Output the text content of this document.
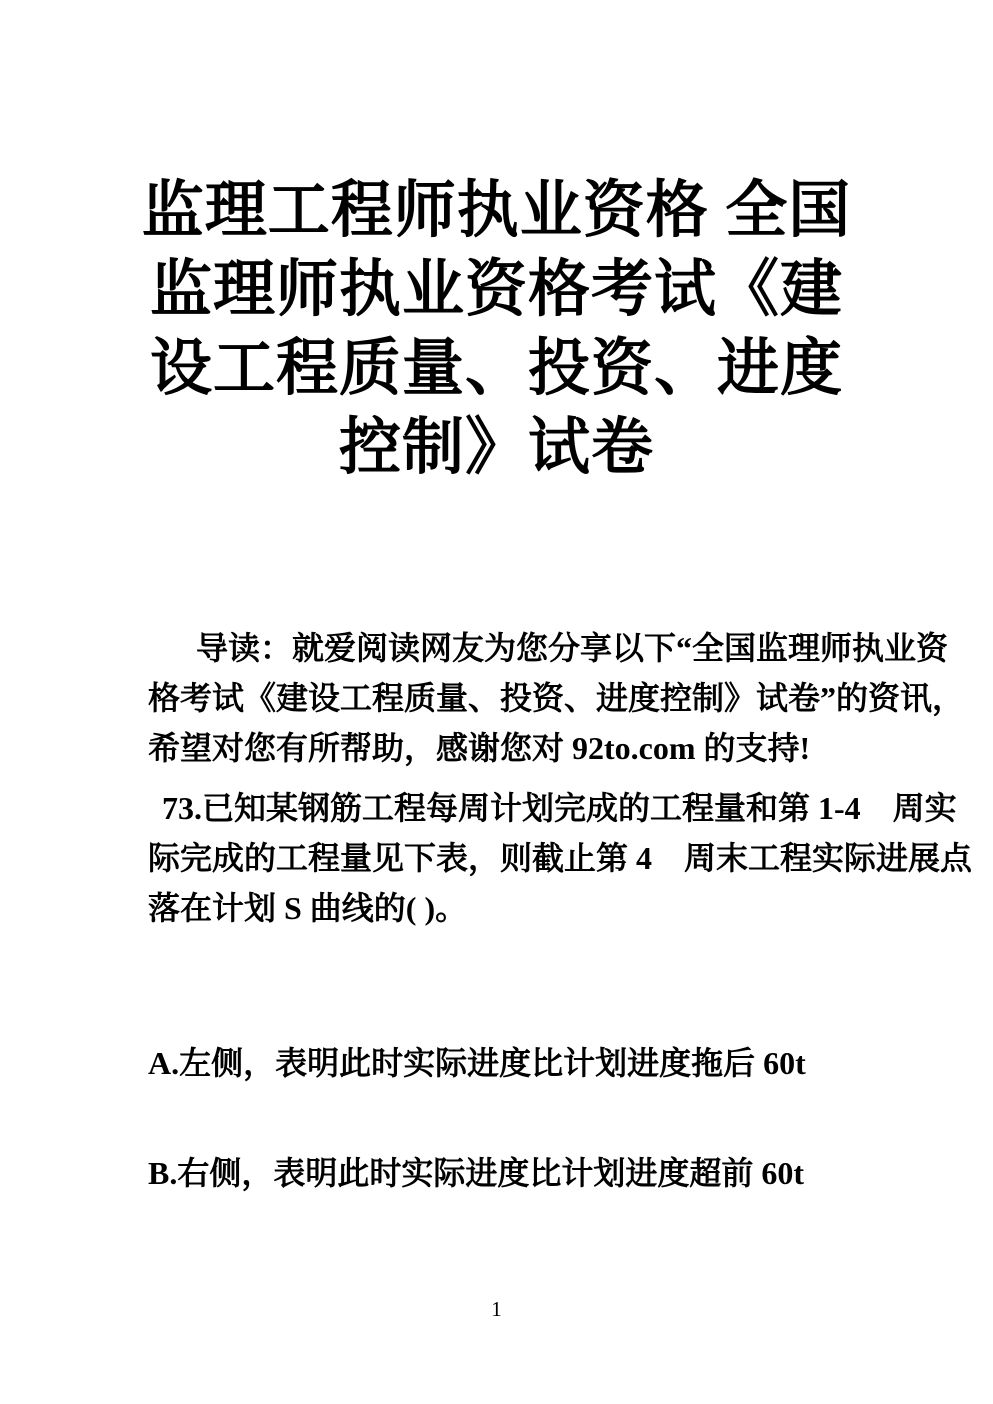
监理工程师执业资格 全国
监理师执业资格考试《建
设工程质量、投资、进度
控制》试卷

导读：就爱阅读网友为您分享以下“全国监理师执业资
格考试《建设工程质量、投资、进度控制》试卷”的资讯，
希望对您有所帮助，感谢您对 92to.com 的支持!

73.已知某钢筋工程每周计划完成的工程量和第 1-4　周实
际完成的工程量见下表，则截止第 4　周末工程实际进展点
落在计划 S 曲线的( )。

A.左侧，表明此时实际进度比计划进度拖后 60t
B.右侧，表明此时实际进度比计划进度超前 60t
1
